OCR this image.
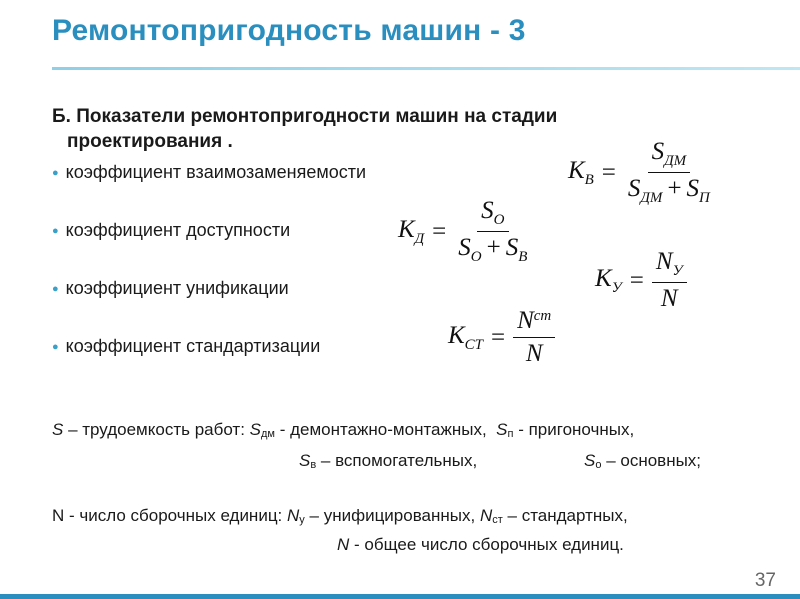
Ремонтопригодность машин - 3
Б. Показатели ремонтопригодности машин на стадии
проектирования .
● коэффициент взаимозаменяемости
● коэффициент доступности
● коэффициент унификации
● коэффициент стандартизации
$К_В = \frac{S_{ДМ}}{S_{ДМ} + S_П}$
$К_Д = \frac{S_О}{S_О + S_В}$
$К_У = \frac{N_У}{N}$
$К_{СТ} = \frac{N^{ст}}{N}$
S – трудоемкость работ: Sдм - демонтажно-монтажных, Sп - пригоночных,
Sв – вспомогательных,	Sо – основных;
N - число сборочных единиц: Nу – унифицированных, Nст – стандартных,
N - общее число сборочных единиц.
37
